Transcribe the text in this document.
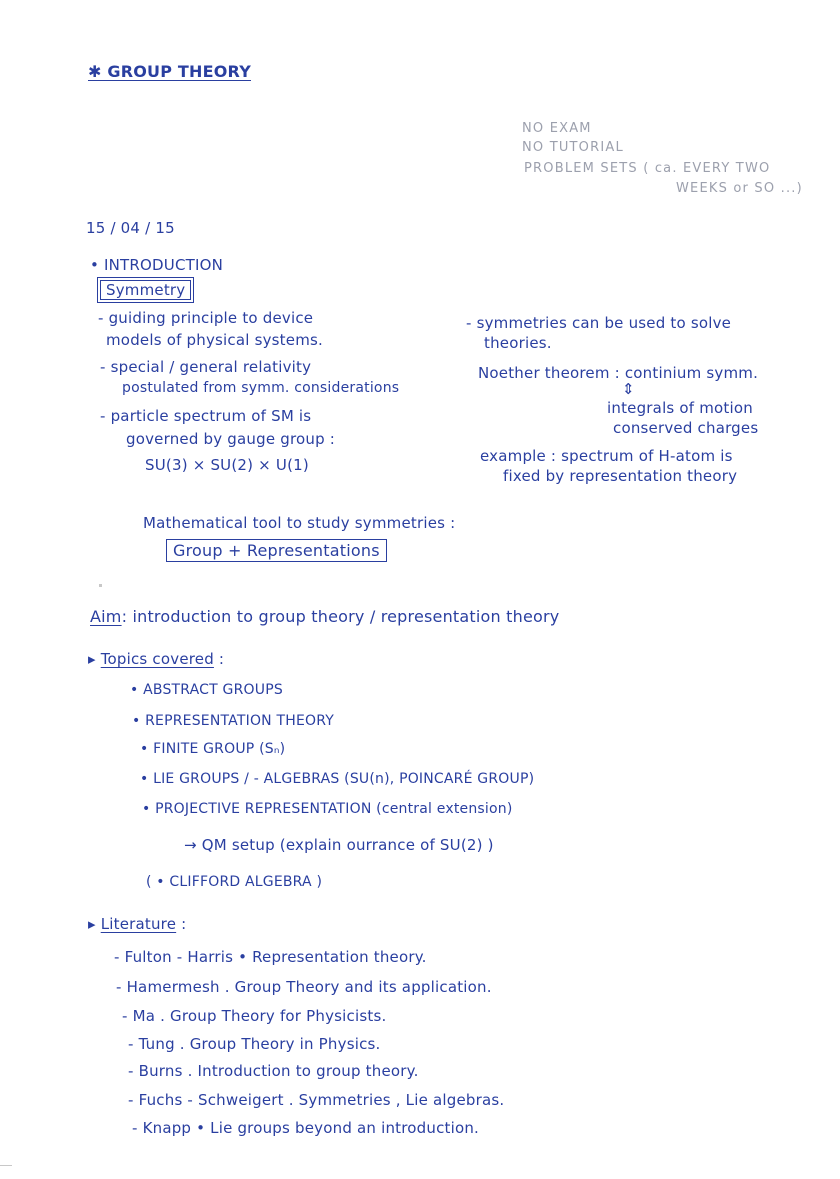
✱ GROUP THEORY
NO EXAM
NO TUTORIAL
PROBLEM SETS ( ca. EVERY TWO
WEEKS or SO ...)
15 / 04 / 15
• INTRODUCTION
Symmetry
- guiding principle to device
models of physical systems.
- special / general relativity
postulated from symm. considerations
- particle spectrum of SM is
governed by gauge group :
SU(3) × SU(2) × U(1)
- symmetries can be used to solve
theories.
Noether theorem : continium symm.
⇕
integrals of motion
conserved charges
example : spectrum of H-atom is
fixed by representation theory
Mathematical tool to study symmetries :
Group + Representations
Aim: introduction to group theory / representation theory
▸ Topics covered :
• ABSTRACT GROUPS
• REPRESENTATION THEORY
• FINITE GROUP (Sₙ)
• LIE GROUPS / - ALGEBRAS (SU(n), POINCARÉ GROUP)
• PROJECTIVE REPRESENTATION (central extension)
→ QM setup (explain ourrance of SU(2) )
( • CLIFFORD ALGEBRA )
▸ Literature :
- Fulton - Harris • Representation theory.
- Hamermesh . Group Theory and its application.
- Ma . Group Theory for Physicists.
- Tung . Group Theory in Physics.
- Burns . Introduction to group theory.
- Fuchs - Schweigert . Symmetries , Lie algebras.
- Knapp • Lie groups beyond an introduction.
